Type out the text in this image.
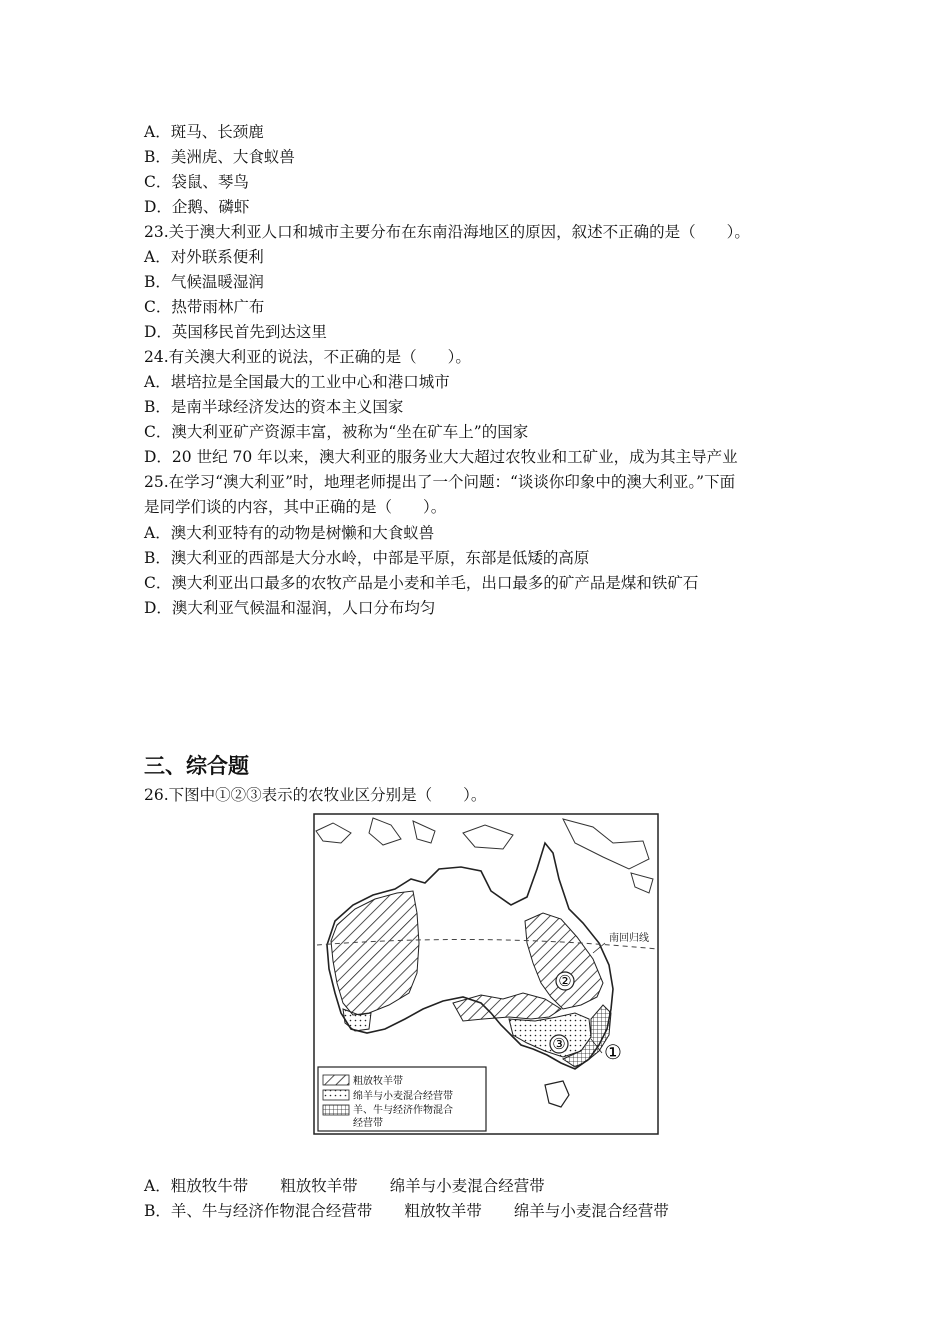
A．斑马、长颈鹿
B．美洲虎、大食蚁兽
C．袋鼠、琴鸟
D．企鹅、磷虾
23.关于澳大利亚人口和城市主要分布在东南沿海地区的原因，叙述不正确的是（　　）。
A．对外联系便利
B．气候温暖湿润
C．热带雨林广布
D．英国移民首先到达这里
24.有关澳大利亚的说法，不正确的是（　　）。
A．堪培拉是全国最大的工业中心和港口城市
B．是南半球经济发达的资本主义国家
C．澳大利亚矿产资源丰富，被称为“坐在矿车上”的国家
D．20 世纪 70 年以来，澳大利亚的服务业大大超过农牧业和工矿业，成为其主导产业
25.在学习“澳大利亚”时，地理老师提出了一个问题：“谈谈你印象中的澳大利亚。”下面
是同学们谈的内容，其中正确的是（　　）。
A．澳大利亚特有的动物是树懒和大食蚁兽
B．澳大利亚的西部是大分水岭，中部是平原，东部是低矮的高原
C．澳大利亚出口最多的农牧产品是小麦和羊毛，出口最多的矿产品是煤和铁矿石
D．澳大利亚气候温和湿润，人口分布均匀
三、综合题
26.下图中①②③表示的农牧业区分别是（　　）。
南回归线
②
③ ①
粗放牧羊带
绵羊与小麦混合经营带
羊、牛与经济作物混合
经营带
A．粗放牧牛带 粗放牧羊带 绵羊与小麦混合经营带
B．羊、牛与经济作物混合经营带 粗放牧羊带 绵羊与小麦混合经营带
